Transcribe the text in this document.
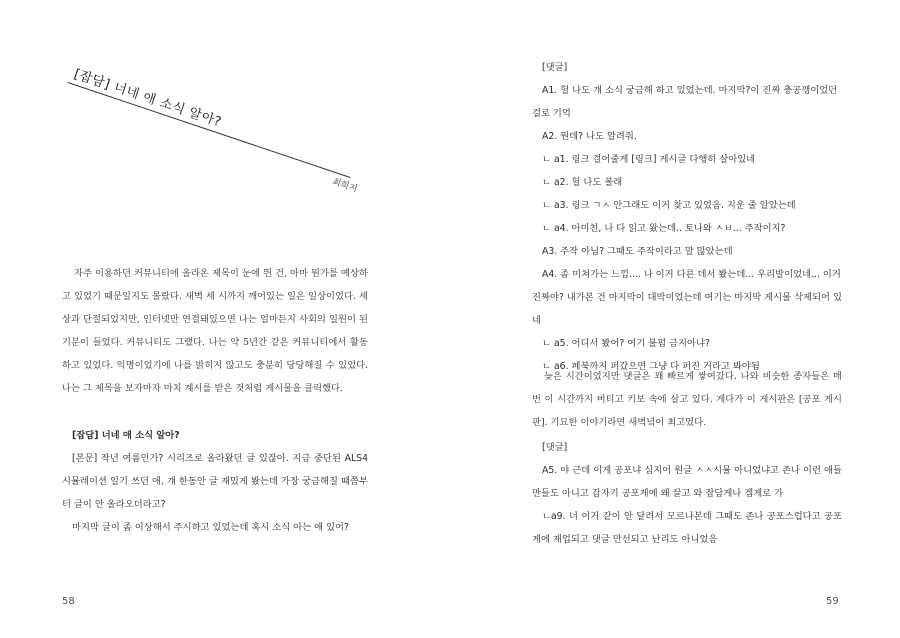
[잡담] 너네 애 소식 알아?
최희지

자주 이용하던 커뮤니티에 올라온 제목이 눈에 띈 건, 아마 뭔가를 예상하고 있었기 때문일지도 몰랐다. 새벽 세 시까지 깨어있는 일은 일상이었다. 세상과 단절되었지만, 인터넷만 연결돼있으면 나는 얼마든지 사회의 일원이 된 기분이 들었다. 커뮤니티도 그랬다. 나는 약 5년간 같은 커뮤니티에서 활동하고 있었다. 익명이었기에 나를 밝히지 않고도 충분히 당당해질 수 있었다. 나는 그 제목을 보자마자 마치 계시를 받은 것처럼 게시물을 클릭했다.

[잡담] 너네 애 소식 알아?

[본문] 작년 여름인가? 시리즈로 올라왔던 글 있잖아. 지금 중단된 ALS4 시뮬레이션 일기 쓰던 애. 걔 한동안 글 재밌게 봤는데 가장 궁금해질 때쯤부터 글이 안 올라오더라고?

마지막 글이 좀 이상해서 주시하고 있었는데 혹시 소식 아는 애 있어?

58

[댓글]

A1. 헐 나도 걔 소식 궁금해 하고 있었는데. 마지막?이 진짜 충공깽이었던 걸로 기억

A2. 뭔데? 나도 알려줘.

ㄴ a1. 링크 걸어줄게 [링크] 게시글 다행히 살아있네

ㄴ a2. 헐 나도 볼래

ㄴ a3. 링크 ㄱㅅ 안그래도 이거 찾고 있었음. 지운 줄 알았는데

ㄴ a4. 아미친, 나 다 읽고 왔는데.. 토나와 ㅅㅂ... 주작이지?

A3. 주작 아님? 그때도 주작이라고 말 많았는데

A4. 좀 미쳐가는 느낌.... 나 이거 다른 데서 봤는데... 우리발이었네... 이거 진짜야? 내가본 건 마지막이 대박이었는데 여기는 마지막 게시물 삭제되어 있네

ㄴ a5. 어디서 봤어? 여기 불펌 금지아냐?

ㄴ a6. 페북까지 퍼갔으면 그냥 다 퍼진 거라고 봐야됨

늦은 시간이었지만 댓글은 꽤 빠르게 쌓여갔다. 나와 비슷한 종자들은 매번 이 시간까지 버티고 키보 속에 살고 있다. 게다가 이 게시판은 [공포 게시판]. 기묘한 이야기라면 새벽녘이 최고였다.

[댓글]

A5. 야 근데 이게 공포냐 심지어 원글 ㅅㅅ시뮬 아니었냐고 존나 이런 애들 만들도 아니고 갑자기 공포게에 왜 끌고 와 잡담게나 겜게로 가

ㄴa9. 너 이거 같이 안 달려서 모르나본데 그때도 존나 공포스럽다고 공포게에 재업되고 댓글 만선되고 난리도 아니었음

59
